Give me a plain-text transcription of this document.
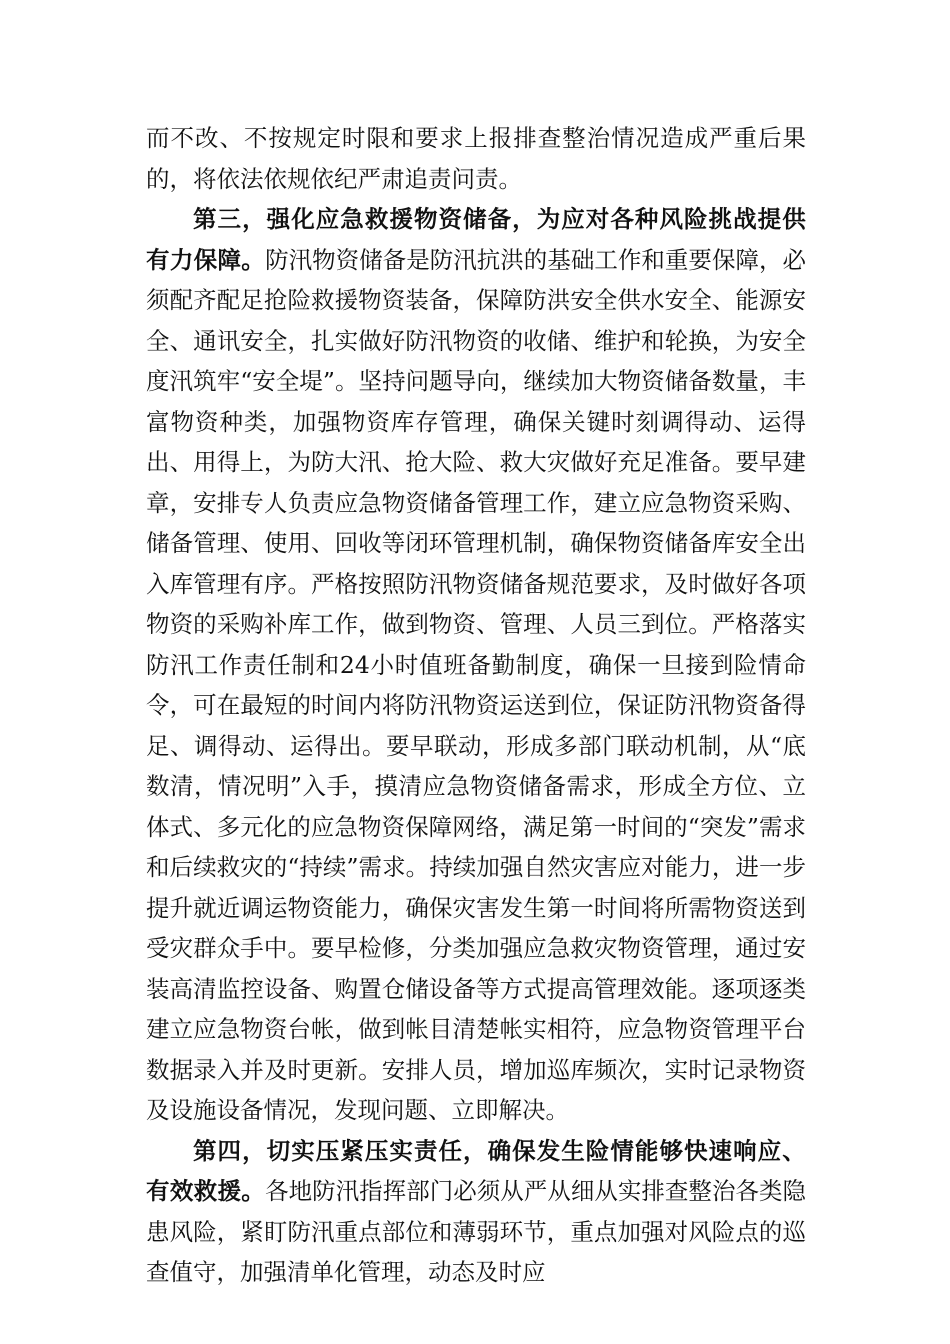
而不改、不按规定时限和要求上报排查整治情况造成严重后果的，将依法依规依纪严肃追责问责。

第三，强化应急救援物资储备，为应对各种风险挑战提供有力保障。防汛物资储备是防汛抗洪的基础工作和重要保障，必须配齐配足抢险救援物资装备，保障防洪安全供水安全、能源安全、通讯安全，扎实做好防汛物资的收储、维护和轮换，为安全度汛筑牢“安全堤”。坚持问题导向，继续加大物资储备数量，丰富物资种类，加强物资库存管理，确保关键时刻调得动、运得出、用得上，为防大汛、抢大险、救大灾做好充足准备。要早建章，安排专人负责应急物资储备管理工作，建立应急物资采购、储备管理、使用、回收等闭环管理机制，确保物资储备库安全出入库管理有序。严格按照防汛物资储备规范要求，及时做好各项物资的采购补库工作，做到物资、管理、人员三到位。严格落实防汛工作责任制和24小时值班备勤制度，确保一旦接到险情命令，可在最短的时间内将防汛物资运送到位，保证防汛物资备得足、调得动、运得出。要早联动，形成多部门联动机制，从“底数清，情况明”入手，摸清应急物资储备需求，形成全方位、立体式、多元化的应急物资保障网络，满足第一时间的“突发”需求和后续救灾的“持续”需求。持续加强自然灾害应对能力，进一步提升就近调运物资能力，确保灾害发生第一时间将所需物资送到受灾群众手中。要早检修，分类加强应急救灾物资管理，通过安装高清监控设备、购置仓储设备等方式提高管理效能。逐项逐类建立应急物资台帐，做到帐目清楚帐实相符，应急物资管理平台数据录入并及时更新。安排人员，增加巡库频次，实时记录物资及设施设备情况，发现问题、立即解决。

第四，切实压紧压实责任，确保发生险情能够快速响应、有效救援。各地防汛指挥部门必须从严从细从实排查整治各类隐患风险，紧盯防汛重点部位和薄弱环节，重点加强对风险点的巡查值守，加强清单化管理，动态及时应
